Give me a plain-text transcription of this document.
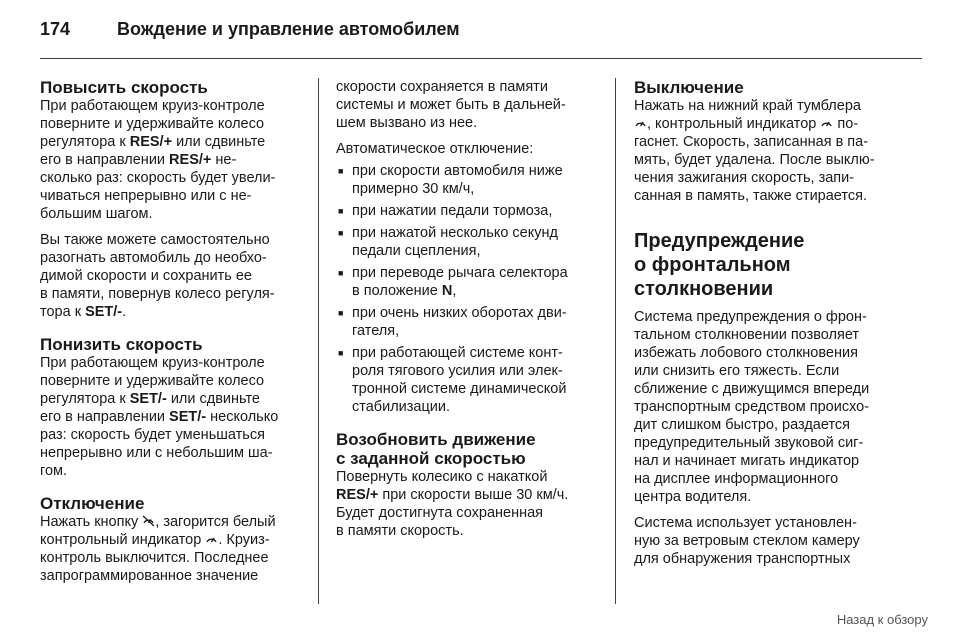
174	Вождение и управление автомобилем
Повысить скорость

При работающем круиз-контроле
поверните и удерживайте колесо
регулятора к RES/+ или сдвиньте
его в направлении RES/+ не-
сколько раз: скорость будет увели-
чиваться непрерывно или с не-
большим шагом.

Вы также можете самостоятельно
разогнать автомобиль до необхо-
димой скорости и сохранить ее
в памяти, повернув колесо регуля-
тора к SET/-.

Понизить скорость

При работающем круиз-контроле
поверните и удерживайте колесо
регулятора к SET/- или сдвиньте
его в направлении SET/- несколько
раз: скорость будет уменьшаться
непрерывно или с небольшим ша-
гом.

Отключение

Нажать кнопку , загорится белый
контрольный индикатор . Круиз-
контроль выключится. Последнее
запрограммированное значение

скорости сохраняется в памяти
системы и может быть в дальней-
шем вызвано из нее.

Автоматическое отключение:

■ при скорости автомобиля ниже
примерно 30 км/ч,
■ при нажатии педали тормоза,
■ при нажатой несколько секунд
педали сцепления,
■ при переводе рычага селектора
в положение N,
■ при очень низких оборотах дви-
гателя,
■ при работающей системе конт-
роля тягового усилия или элек-
тронной системе динамической
стабилизации.
Возобновить движение
с заданной скоростью

Повернуть колесико с накаткой
RES/+ при скорости выше 30 км/ч.
Будет достигнута сохраненная
в памяти скорость.

Выключение

Нажать на нижний край тумблера
, контрольный индикатор  по-
гаснет. Скорость, записанная в па-
мять, будет удалена. После выклю-
чения зажигания скорость, запи-
санная в память, также стирается.

Предупреждение
о фронтальном
столкновении

Система предупреждения о фрон-
тальном столкновении позволяет
избежать лобового столкновения
или снизить его тяжесть. Если
сближение с движущимся впереди
транспортным средством происхо-
дит слишком быстро, раздается
предупредительный звуковой сиг-
нал и начинает мигать индикатор
на дисплее информационного
центра водителя.

Система использует установлен-
ную за ветровым стеклом камеру
для обнаружения транспортных

Назад к обзору
